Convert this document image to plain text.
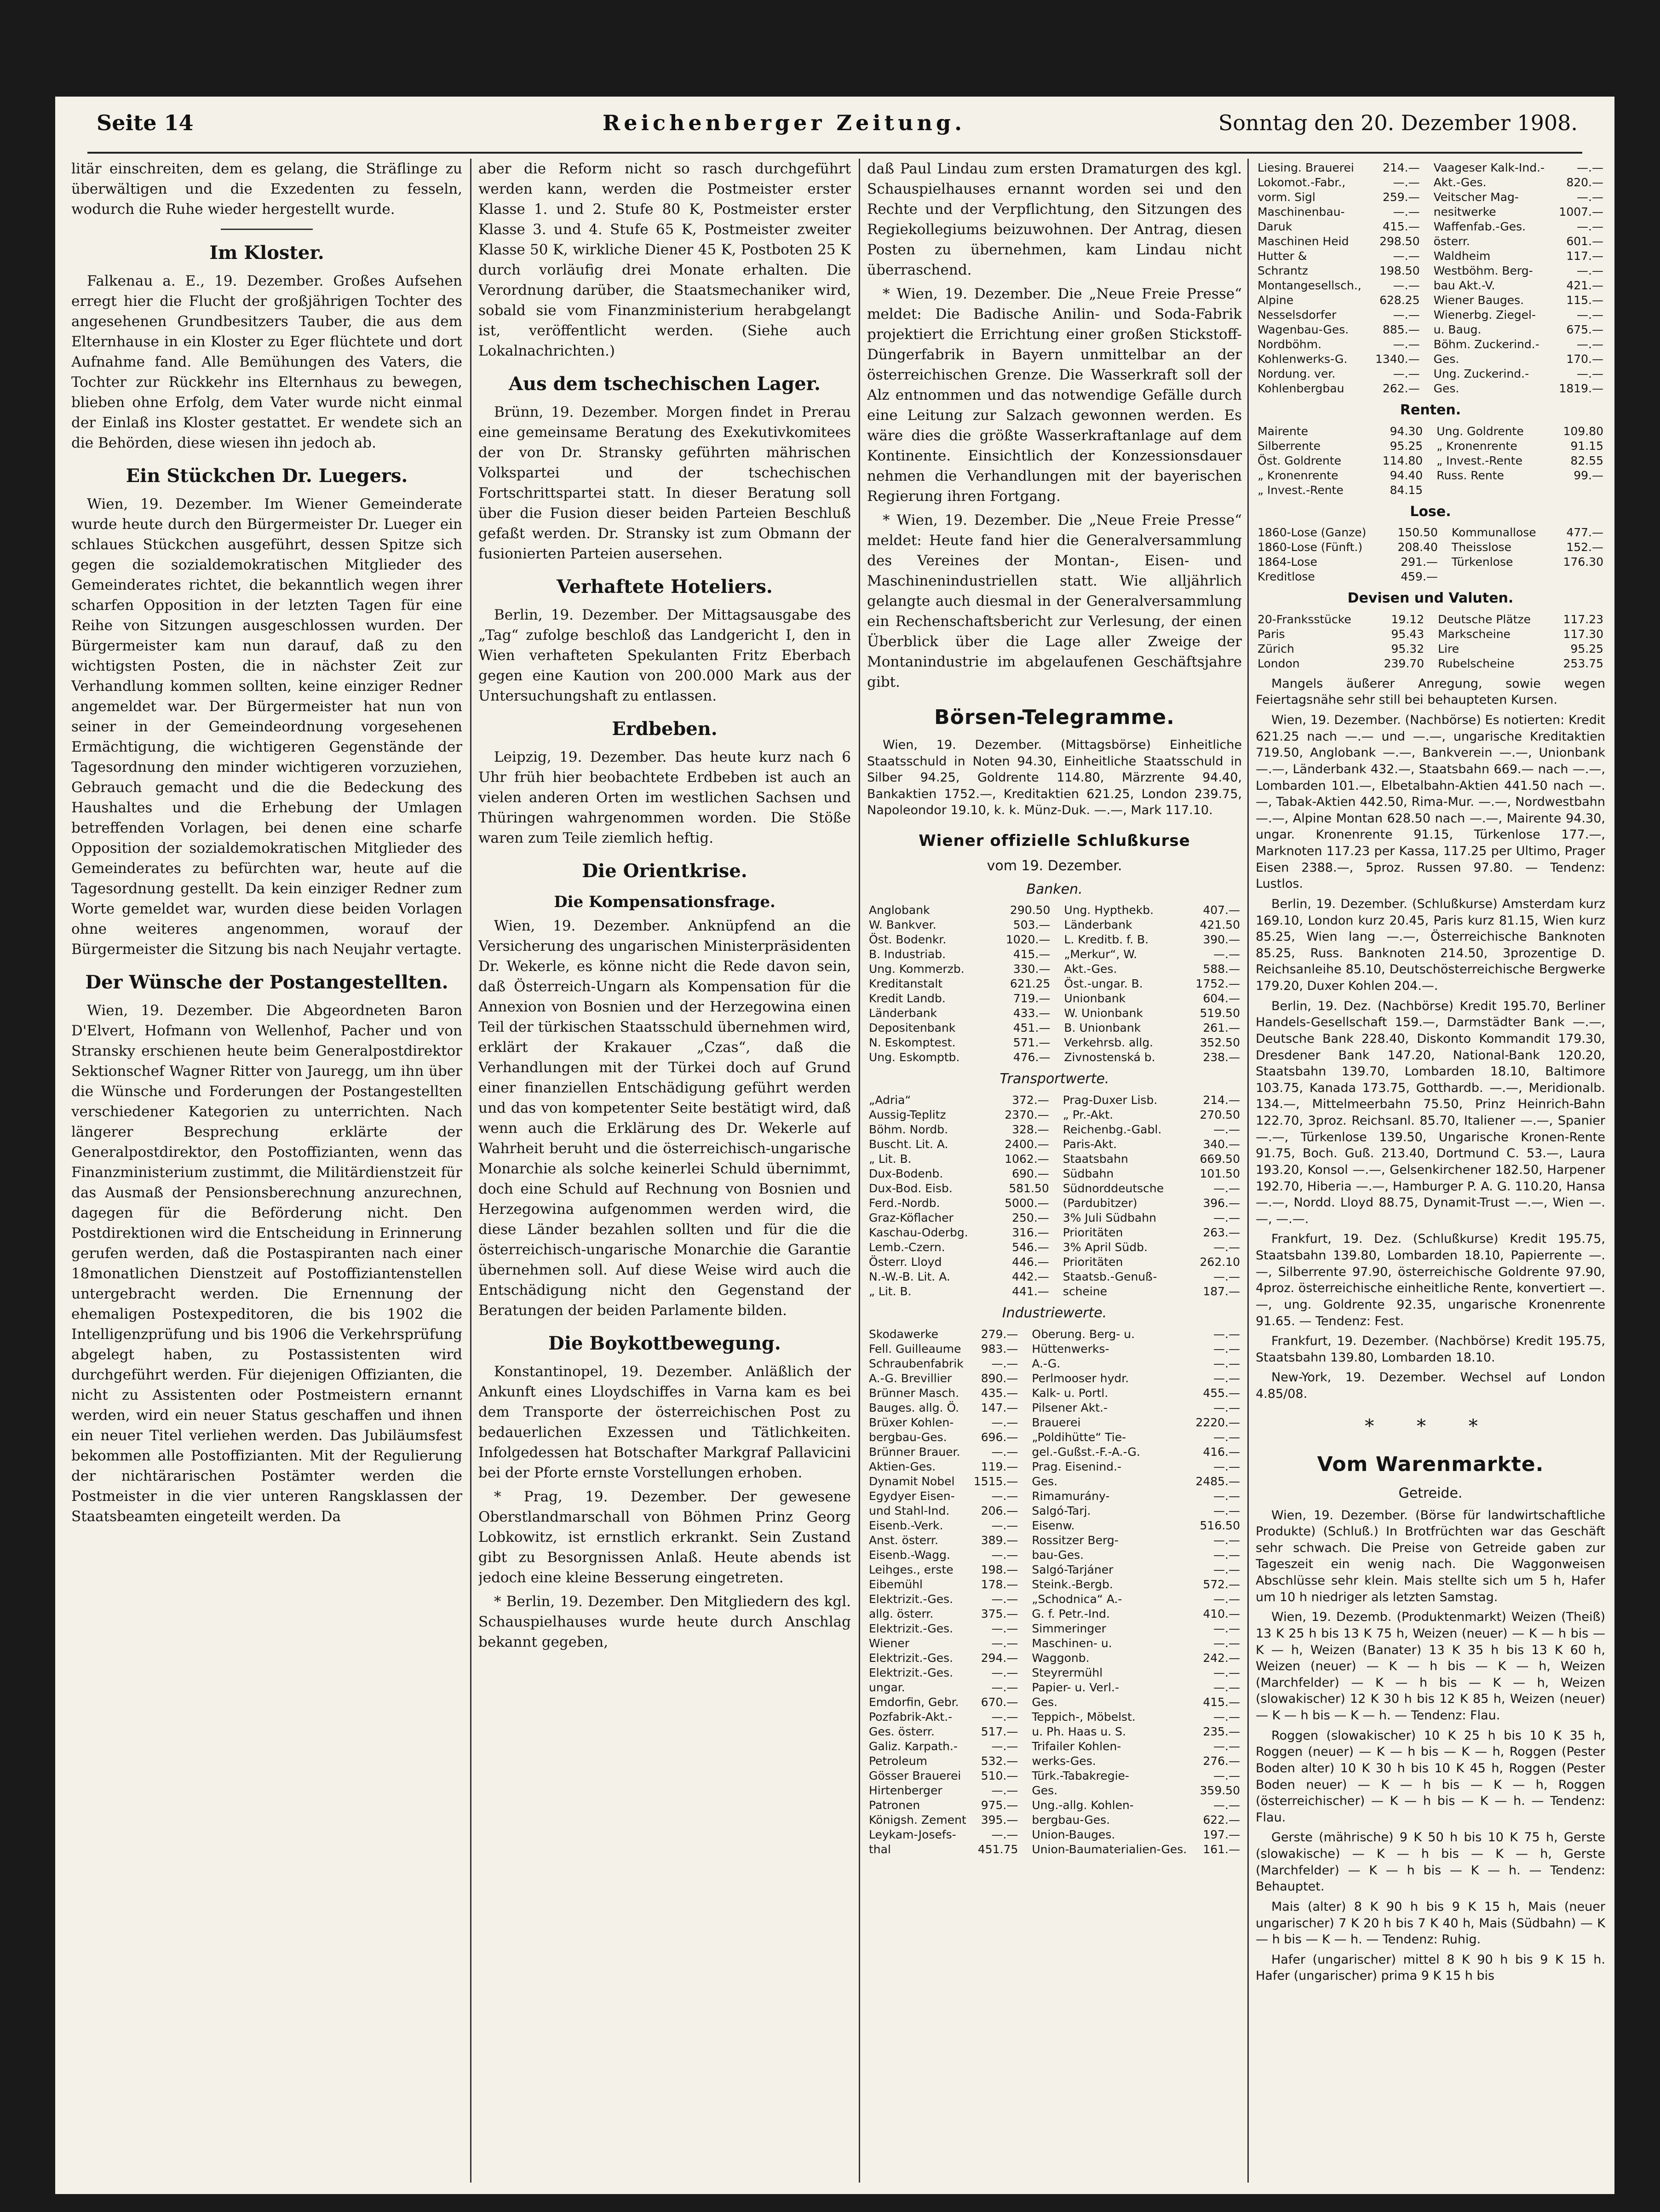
Seite 14	Reichenberger Zeitung.	Sonntag den 20. Dezember 1908.

litär einschreiten, dem es gelang, die Sträflinge zu überwältigen und die Exzedenten zu fesseln, wodurch die Ruhe wieder hergestellt wurde.

Im Kloster.

Falkenau a. E., 19. Dezember. Großes Aufsehen erregt hier die Flucht der großjährigen Tochter des angesehenen Grundbesitzers Tauber, die aus dem Elternhause in ein Kloster zu Eger flüchtete und dort Aufnahme fand. Alle Bemühungen des Vaters, die Tochter zur Rückkehr ins Elternhaus zu bewegen, blieben ohne Erfolg, dem Vater wurde nicht einmal der Einlaß ins Kloster gestattet. Er wendete sich an die Behörden, diese wiesen ihn jedoch ab.

Ein Stückchen Dr. Luegers.

Wien, 19. Dezember. Im Wiener Gemeinderate wurde heute durch den Bürgermeister Dr. Lueger ein schlaues Stückchen ausgeführt, dessen Spitze sich gegen die sozialdemokratischen Mitglieder des Gemeinderates richtet, die bekanntlich wegen ihrer scharfen Opposition in der letzten Tagen für eine Reihe von Sitzungen ausgeschlossen wurden. Der Bürgermeister kam nun darauf, daß zu den wichtigsten Posten, die in nächster Zeit zur Verhandlung kommen sollten, keine einziger Redner angemeldet war. Der Bürgermeister hat nun von seiner in der Gemeindeordnung vorgesehenen Ermächtigung, die wichtigeren Gegenstände der Tagesordnung den minder wichtigeren vorzuziehen, Gebrauch gemacht und die die Bedeckung des Haushaltes und die Erhebung der Umlagen betreffenden Vorlagen, bei denen eine scharfe Opposition der sozialdemokratischen Mitglieder des Gemeinderates zu befürchten war, heute auf die Tagesordnung gestellt. Da kein einziger Redner zum Worte gemeldet war, wurden diese beiden Vorlagen ohne weiteres angenommen, worauf der Bürgermeister die Sitzung bis nach Neujahr vertagte.

Der Wünsche der Postangestellten.

Wien, 19. Dezember. Die Abgeordneten Baron D'Elvert, Hofmann von Wellenhof, Pacher und von Stransky erschienen heute beim Generalpostdirektor Sektionschef Wagner Ritter von Jauregg, um ihn über die Wünsche und Forderungen der Postangestellten verschiedener Kategorien zu unterrichten. Nach längerer Besprechung erklärte der Generalpostdirektor, den Postoffizianten, wenn das Finanzministerium zustimmt, die Militärdienstzeit für das Ausmaß der Pensionsberechnung anzurechnen, dagegen für die Beförderung nicht. Den Postdirektionen wird die Entscheidung in Erinnerung gerufen werden, daß die Postaspiranten nach einer 18monatlichen Dienstzeit auf Postoffiziantenstellen untergebracht werden. Die Ernennung der ehemaligen Postexpeditoren, die bis 1902 die Intelligenzprüfung und bis 1906 die Verkehrsprüfung abgelegt haben, zu Postassistenten wird durchgeführt werden. Für diejenigen Offizianten, die nicht zu Assistenten oder Postmeistern ernannt werden, wird ein neuer Status geschaffen und ihnen ein neuer Titel verliehen werden. Das Jubiläumsfest bekommen alle Postoffizianten. Mit der Regulierung der nichtärarischen Postämter werden die Postmeister in die vier unteren Rangsklassen der Staatsbeamten eingeteilt werden. Da

aber die Reform nicht so rasch durchgeführt werden kann, werden die Postmeister erster Klasse 1. und 2. Stufe 80 K, Postmeister erster Klasse 3. und 4. Stufe 65 K, Postmeister zweiter Klasse 50 K, wirkliche Diener 45 K, Postboten 25 K durch vorläufig drei Monate erhalten. Die Verordnung darüber, die Staatsmechaniker wird, sobald sie vom Finanzministerium herabgelangt ist, veröffentlicht werden. (Siehe auch Lokalnachrichten.)

Aus dem tschechischen Lager.

Brünn, 19. Dezember. Morgen findet in Prerau eine gemeinsame Beratung des Exekutivkomitees der von Dr. Stransky geführten mährischen Volkspartei und der tschechischen Fortschrittspartei statt. In dieser Beratung soll über die Fusion dieser beiden Parteien Beschluß gefaßt werden. Dr. Stransky ist zum Obmann der fusionierten Parteien ausersehen.

Verhaftete Hoteliers.

Berlin, 19. Dezember. Der Mittagsausgabe des „Tag“ zufolge beschloß das Landgericht I, den in Wien verhafteten Spekulanten Fritz Eberbach gegen eine Kaution von 200.000 Mark aus der Untersuchungshaft zu entlassen.

Erdbeben.

Leipzig, 19. Dezember. Das heute kurz nach 6 Uhr früh hier beobachtete Erdbeben ist auch an vielen anderen Orten im westlichen Sachsen und Thüringen wahrgenommen worden. Die Stöße waren zum Teile ziemlich heftig.

Die Orientkrise.
Die Kompensationsfrage.

Wien, 19. Dezember. Anknüpfend an die Versicherung des ungarischen Ministerpräsidenten Dr. Wekerle, es könne nicht die Rede davon sein, daß Österreich-Ungarn als Kompensation für die Annexion von Bosnien und der Herzegowina einen Teil der türkischen Staatsschuld übernehmen wird, erklärt der Krakauer „Czas“, daß die Verhandlungen mit der Türkei doch auf Grund einer finanziellen Entschädigung geführt werden und das von kompetenter Seite bestätigt wird, daß wenn auch die Erklärung des Dr. Wekerle auf Wahrheit beruht und die österreichisch-ungarische Monarchie als solche keinerlei Schuld übernimmt, doch eine Schuld auf Rechnung von Bosnien und Herzegowina aufgenommen werden wird, die diese Länder bezahlen sollten und für die die österreichisch-ungarische Monarchie die Garantie übernehmen soll. Auf diese Weise wird auch die Entschädigung nicht den Gegenstand der Beratungen der beiden Parlamente bilden.

Die Boykottbewegung.

Konstantinopel, 19. Dezember. Anläßlich der Ankunft eines Lloydschiffes in Varna kam es bei dem Transporte der österreichischen Post zu bedauerlichen Exzessen und Tätlichkeiten. Infolgedessen hat Botschafter Markgraf Pallavicini bei der Pforte ernste Vorstellungen erhoben.

* Prag, 19. Dezember. Der gewesene Oberstlandmarschall von Böhmen Prinz Georg Lobkowitz, ist ernstlich erkrankt. Sein Zustand gibt zu Besorgnissen Anlaß. Heute abends ist jedoch eine kleine Besserung eingetreten.

* Berlin, 19. Dezember. Den Mitgliedern des kgl. Schauspielhauses wurde heute durch Anschlag bekannt gegeben,

daß Paul Lindau zum ersten Dramaturgen des kgl. Schauspielhauses ernannt worden sei und den Rechte und der Verpflichtung, den Sitzungen des Regiekollegiums beizuwohnen. Der Antrag, diesen Posten zu übernehmen, kam Lindau nicht überraschend.

* Wien, 19. Dezember. Die „Neue Freie Presse“ meldet: Die Badische Anilin- und Soda-Fabrik projektiert die Errichtung einer großen Stickstoff-Düngerfabrik in Bayern unmittelbar an der österreichischen Grenze. Die Wasserkraft soll der Alz entnommen und das notwendige Gefälle durch eine Leitung zur Salzach gewonnen werden. Es wäre dies die größte Wasserkraftanlage auf dem Kontinente. Einsichtlich der Konzessionsdauer nehmen die Verhandlungen mit der bayerischen Regierung ihren Fortgang.

* Wien, 19. Dezember. Die „Neue Freie Presse“ meldet: Heute fand hier die Generalversammlung des Vereines der Montan-, Eisen- und Maschinenindustriellen statt. Wie alljährlich gelangte auch diesmal in der Generalversammlung ein Rechenschaftsbericht zur Verlesung, der einen Überblick über die Lage aller Zweige der Montanindustrie im abgelaufenen Geschäftsjahre gibt.

Börsen-Telegramme.

Wien, 19. Dezember. (Mittagsbörse) Einheitliche Staatsschuld in Noten 94.30, Einheitliche Staatsschuld in Silber 94.25, Goldrente 114.80, Märzrente 94.40, Bankaktien 1752.—, Kreditaktien 621.25, London 239.75, Napoleondor 19.10, k. k. Münz-Duk. —.—, Mark 117.10.

Wiener offizielle Schlußkurse
vom 19. Dezember.
Banken.
Anglobank	290.50		Ung. Hypthekb.	407.—
W. Bankver.	503.—		Länderbank	421.50
Öst. Bodenkr.	1020.—		L. Kreditb. f. B.	390.—
B. Industriab.	415.—		„Merkur“, W.	—.—
Ung. Kommerzb.	330.—		Akt.-Ges.	588.—
Kreditanstalt	621.25		Öst.-ungar. B.	1752.—
Kredit Landb.	719.—		Unionbank	604.—
Länderbank	433.—		W. Unionbank	519.50
Depositenbank	451.—		B. Unionbank	261.—
N. Eskomptest.	571.—		Verkehrsb. allg.	352.50
Ung. Eskomptb.	476.—		Zivnostenská b.	238.—
Transportwerte.
„Adria“	372.—		Prag-Duxer Lisb.	214.—
Aussig-Teplitz	2370.—		„ Pr.-Akt.	270.50
Böhm. Nordb.	328.—		Reichenbg.-Gabl.	—.—
Buscht. Lit. A.	2400.—		Paris-Akt.	340.—
„ Lit. B.	1062.—		Staatsbahn	669.50
Dux-Bodenb.	690.—		Südbahn	101.50
Dux-Bod. Eisb.	581.50		Südnorddeutsche	—.—
Ferd.-Nordb.	5000.—		(Pardubitzer)	396.—
Graz-Köflacher	250.—		3% Juli Südbahn	—.—
Kaschau-Oderbg.	316.—		Prioritäten	263.—
Lemb.-Czern.	546.—		3% April Südb.	—.—
Österr. Lloyd	446.—		Prioritäten	262.10
N.-W.-B. Lit. A.	442.—		Staatsb.-Genuß-	—.—
„ Lit. B.	441.—		scheine	187.—
Industriewerte.
Skodawerke	279.—		Oberung. Berg- u.	—.—
Fell. Guilleaume	983.—		Hüttenwerks-	—.—
Schraubenfabrik	—.—		A.-G.	—.—
A.-G. Brevillier	890.—		Perlmooser hydr.	—.—
Brünner Masch.	435.—		Kalk- u. Portl.	455.—
Bauges. allg. Ö.	147.—		Pilsener Akt.-	—.—
Brüxer Kohlen-	—.—		Brauerei	2220.—
bergbau-Ges.	696.—		„Poldihütte“ Tie-	—.—
Brünner Brauer.	—.—		gel.-Gußst.-F.-A.-G.	416.—
Aktien-Ges.	119.—		Prag. Eisenind.-	—.—
Dynamit Nobel	1515.—		Ges.	2485.—
Egydyer Eisen-	—.—		Rimamurány-	—.—
und Stahl-Ind.	206.—		Salgó-Tarj.	—.—
Eisenb.-Verk.	—.—		Eisenw.	516.50
Anst. österr.	389.—		Rossitzer Berg-	—.—
Eisenb.-Wagg.	—.—		bau-Ges.	—.—
Leihges., erste	198.—		Salgó-Tarjáner	—.—
Eibemühl	178.—		Steink.-Bergb.	572.—
Elektrizit.-Ges.	—.—		„Schodnica“ A.-	—.—
allg. österr.	375.—		G. f. Petr.-Ind.	410.—
Elektrizit.-Ges.	—.—		Simmeringer	—.—
Wiener	—.—		Maschinen- u.	—.—
Elektrizit.-Ges.	294.—		Waggonb.	242.—
Elektrizit.-Ges.	—.—		Steyrermühl	—.—
ungar.	—.—		Papier- u. Verl.-	—.—
Emdorfin, Gebr.	670.—		Ges.	415.—
Pozfabrik-Akt.-	—.—		Teppich-, Möbelst.	—.—
Ges. österr.	517.—		u. Ph. Haas u. S.	235.—
Galiz. Karpath.-	—.—		Trifailer Kohlen-	—.—
Petroleum	532.—		werks-Ges.	276.—
Gösser Brauerei	510.—		Türk.-Tabakregie-	—.—
Hirtenberger	—.—		Ges.	359.50
Patronen	975.—		Ung.-allg. Kohlen-	—.—
Königsh. Zement	395.—		bergbau-Ges.	622.—
Leykam-Josefs-	—.—		Union-Bauges.	197.—
thal	451.75		Union-Baumaterialien-Ges.	161.—
Liesing. Brauerei	214.—		Vaageser Kalk-Ind.-	—.—
Lokomot.-Fabr.,	—.—		Akt.-Ges.	820.—
vorm. Sigl	259.—		Veitscher Mag-	—.—
Maschinenbau-	—.—		nesitwerke	1007.—
Daruk	415.—		Waffenfab.-Ges.	—.—
Maschinen Heid	298.50		österr.	601.—
Hutter &	—.—		Waldheim	117.—
Schrantz	198.50		Westböhm. Berg-	—.—
Montangesellsch.,	—.—		bau Akt.-V.	421.—
Alpine	628.25		Wiener Bauges.	115.—
Nesselsdorfer	—.—		Wienerbg. Ziegel-	—.—
Wagenbau-Ges.	885.—		u. Baug.	675.—
Nordböhm.	—.—		Böhm. Zuckerind.-	—.—
Kohlenwerks-G.	1340.—		Ges.	170.—
Nordung. ver.	—.—		Ung. Zuckerind.-	—.—
Kohlenbergbau	262.—		Ges.	1819.—
Renten.
Mairente	94.30		Ung. Goldrente	109.80
Silberrente	95.25		„ Kronenrente	91.15
Öst. Goldrente	114.80		„ Invest.-Rente	82.55
„ Kronenrente	94.40		Russ. Rente	99.—
„ Invest.-Rente	84.15			
Lose.
1860-Lose (Ganze)	150.50		Kommunallose	477.—
1860-Lose (Fünft.)	208.40		Theisslose	152.—
1864-Lose	291.—		Türkenlose	176.30
Kreditlose	459.—			
Devisen und Valuten.
20-Franksstücke	19.12		Deutsche Plätze	117.23
Paris	95.43		Markscheine	117.30
Zürich	95.32		Lire	95.25
London	239.70		Rubelscheine	253.75

Mangels äußerer Anregung, sowie wegen Feiertagsnähe sehr still bei behaupteten Kursen.

Wien, 19. Dezember. (Nachbörse) Es notierten: Kredit 621.25 nach —.— und —.—, ungarische Kreditaktien 719.50, Anglobank —.—, Bankverein —.—, Unionbank —.—, Länderbank 432.—, Staatsbahn 669.— nach —.—, Lombarden 101.—, Elbetalbahn-Aktien 441.50 nach —.—, Tabak-Aktien 442.50, Rima-Mur. —.—, Nordwestbahn —.—, Alpine Montan 628.50 nach —.—, Mairente 94.30, ungar. Kronenrente 91.15, Türkenlose 177.—, Marknoten 117.23 per Kassa, 117.25 per Ultimo, Prager Eisen 2388.—, 5proz. Russen 97.80. — Tendenz: Lustlos.

Berlin, 19. Dezember. (Schlußkurse) Amsterdam kurz 169.10, London kurz 20.45, Paris kurz 81.15, Wien kurz 85.25, Wien lang —.—, Österreichische Banknoten 85.25, Russ. Banknoten 214.50, 3prozentige D. Reichsanleihe 85.10, Deutschösterreichische Bergwerke 179.20, Duxer Kohlen 204.—.

Berlin, 19. Dez. (Nachbörse) Kredit 195.70, Berliner Handels-Gesellschaft 159.—, Darmstädter Bank —.—, Deutsche Bank 228.40, Diskonto Kommandit 179.30, Dresdener Bank 147.20, National-Bank 120.20, Staatsbahn 139.70, Lombarden 18.10, Baltimore 103.75, Kanada 173.75, Gotthardb. —.—, Meridionalb. 134.—, Mittelmeerbahn 75.50, Prinz Heinrich-Bahn 122.70, 3proz. Reichsanl. 85.70, Italiener —.—, Spanier —.—, Türkenlose 139.50, Ungarische Kronen-Rente 91.75, Boch. Guß. 213.40, Dortmund C. 53.—, Laura 193.20, Konsol —.—, Gelsenkirchener 182.50, Harpener 192.70, Hiberia —.—, Hamburger P. A. G. 110.20, Hansa —.—, Nordd. Lloyd 88.75, Dynamit-Trust —.—, Wien —.—, —.—.

Frankfurt, 19. Dez. (Schlußkurse) Kredit 195.75, Staatsbahn 139.80, Lombarden 18.10, Papierrente —.—, Silberrente 97.90, österreichische Goldrente 97.90, 4proz. österreichische einheitliche Rente, konvertiert —.—, ung. Goldrente 92.35, ungarische Kronenrente 91.65. — Tendenz: Fest.

Frankfurt, 19. Dezember. (Nachbörse) Kredit 195.75, Staatsbahn 139.80, Lombarden 18.10.

New-York, 19. Dezember. Wechsel auf London 4.85/08.

* * *
Vom Warenmarkte.
Getreide.

Wien, 19. Dezember. (Börse für landwirtschaftliche Produkte) (Schluß.) In Brotfrüchten war das Geschäft sehr schwach. Die Preise von Getreide gaben zur Tageszeit ein wenig nach. Die Waggonweisen Abschlüsse sehr klein. Mais stellte sich um 5 h, Hafer um 10 h niedriger als letzten Samstag.

Wien, 19. Dezemb. (Produktenmarkt) Weizen (Theiß) 13 K 25 h bis 13 K 75 h, Weizen (neuer) — K — h bis — K — h, Weizen (Banater) 13 K 35 h bis 13 K 60 h, Weizen (neuer) — K — h bis — K — h, Weizen (Marchfelder) — K — h bis — K — h, Weizen (slowakischer) 12 K 30 h bis 12 K 85 h, Weizen (neuer) — K — h bis — K — h. — Tendenz: Flau.

Roggen (slowakischer) 10 K 25 h bis 10 K 35 h, Roggen (neuer) — K — h bis — K — h, Roggen (Pester Boden alter) 10 K 30 h bis 10 K 45 h, Roggen (Pester Boden neuer) — K — h bis — K — h, Roggen (österreichischer) — K — h bis — K — h. — Tendenz: Flau.

Gerste (mährische) 9 K 50 h bis 10 K 75 h, Gerste (slowakische) — K — h bis — K — h, Gerste (Marchfelder) — K — h bis — K — h. — Tendenz: Behauptet.

Mais (alter) 8 K 90 h bis 9 K 15 h, Mais (neuer ungarischer) 7 K 20 h bis 7 K 40 h, Mais (Südbahn) — K — h bis — K — h. — Tendenz: Ruhig.

Hafer (ungarischer) mittel 8 K 90 h bis 9 K 15 h. Hafer (ungarischer) prima 9 K 15 h bis
